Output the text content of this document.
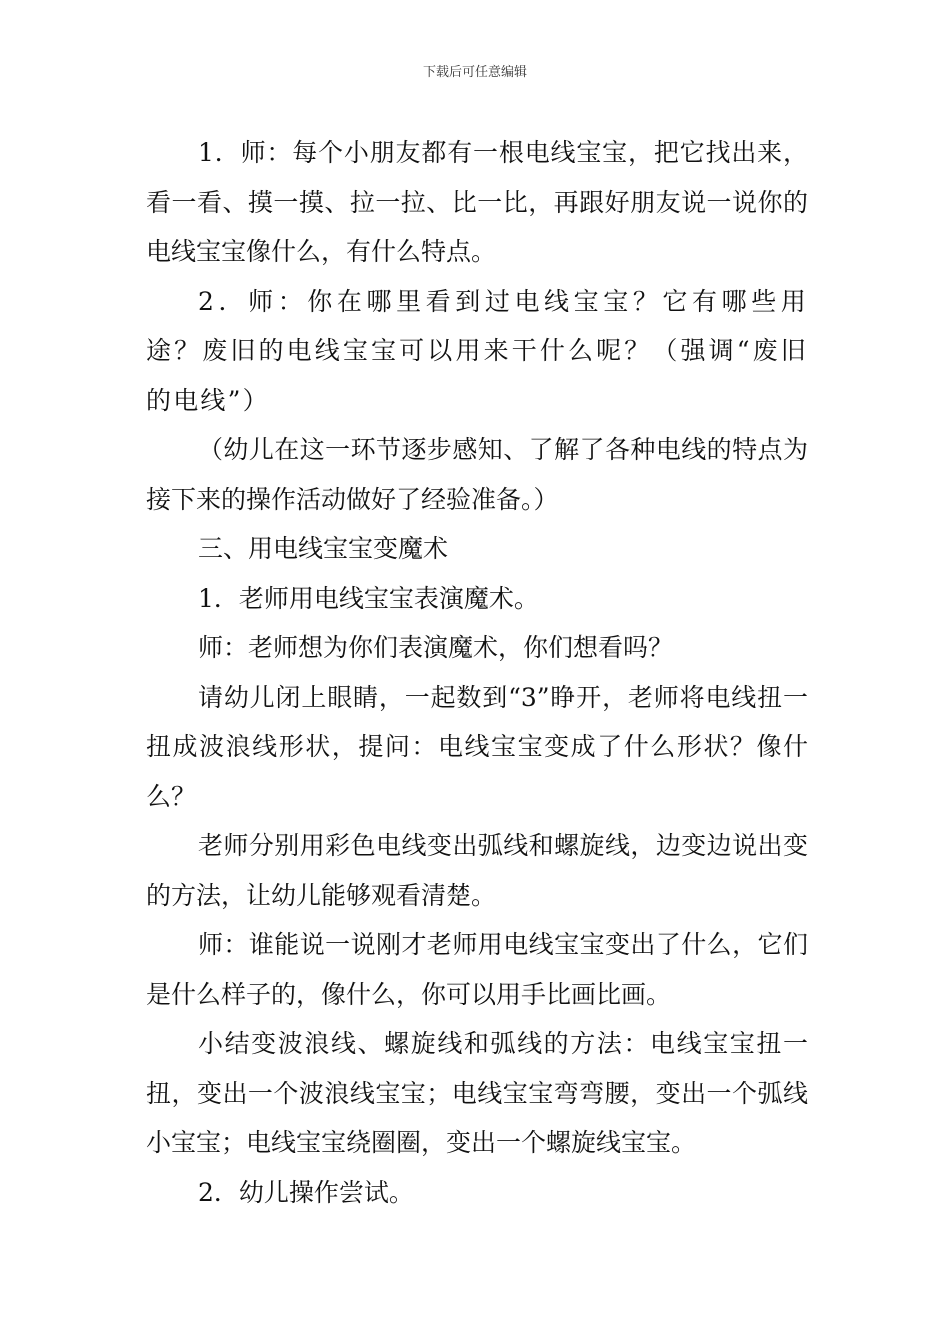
下载后可任意编辑

1．师：每个小朋友都有一根电线宝宝，把它找出来，看一看、摸一摸、拉一拉、比一比，再跟好朋友说一说你的电线宝宝像什么，有什么特点。

2．师：你在哪里看到过电线宝宝？它有哪些用途？废旧的电线宝宝可以用来干什么呢？（强调“废旧的电线”）

（幼儿在这一环节逐步感知、了解了各种电线的特点为接下来的操作活动做好了经验准备。）

三、用电线宝宝变魔术

1．老师用电线宝宝表演魔术。

师：老师想为你们表演魔术，你们想看吗？

请幼儿闭上眼睛，一起数到“3”睁开，老师将电线扭一扭成波浪线形状，提问：电线宝宝变成了什么形状？像什么？

老师分别用彩色电线变出弧线和螺旋线，边变边说出变的方法，让幼儿能够观看清楚。

师：谁能说一说刚才老师用电线宝宝变出了什么，它们是什么样子的，像什么，你可以用手比画比画。

小结变波浪线、螺旋线和弧线的方法：电线宝宝扭一扭，变出一个波浪线宝宝；电线宝宝弯弯腰，变出一个弧线小宝宝；电线宝宝绕圈圈，变出一个螺旋线宝宝。

2．幼儿操作尝试。
